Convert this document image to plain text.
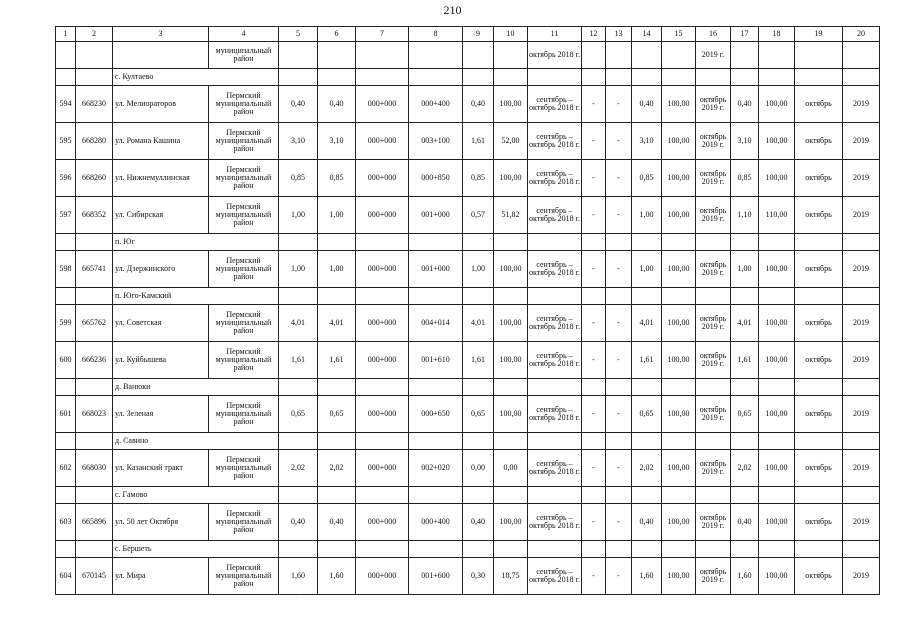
210
1	2	3	4	5	6	7	8	9	10	11	12	13	14	15	16	17	18	19	20
			муниципальный район							октябрь 2018 г.					2019 г.				
		с. Култаево																	
594	668230	ул. Мелиораторов	Пермский муниципальный район	0,40	0,40	000+000	000+400	0,40	100,00	сентябрь – октябрь 2018 г.	-	-	0,40	100,00	октябрь 2019 г.	0,40	100,00	октябрь	2019
595	668280	ул. Романа Кашина	Пермский муниципальный район	3,10	3,10	000+000	003+100	1,61	52,00	сентябрь – октябрь 2018 г.	-	-	3,10	100,00	октябрь 2019 г.	3,10	100,00	октябрь	2019
596	668260	ул. Нижнемуллинская	Пермский муниципальный район	0,85	0,85	000+000	000+850	0,85	100,00	сентябрь – октябрь 2018 г.	-	-	0,85	100,00	октябрь 2019 г.	0,85	100,00	октябрь	2019
597	668352	ул. Сибирская	Пермский муниципальный район	1,00	1,00	000+000	001+000	0,57	51,82	сентябрь – октябрь 2018 г.	-	-	1,00	100,00	октябрь 2019 г.	1,10	110,00	октябрь	2019
		п. Юг																	
598	665741	ул. Дзержинского	Пермский муниципальный район	1,00	1,00	000+000	001+000	1,00	100,00	сентябрь – октябрь 2018 г.	-	-	1,00	100,00	октябрь 2019 г.	1,00	100,00	октябрь	2019
		п. Юго-Камский																	
599	665762	ул. Советская	Пермский муниципальный район	4,01	4,01	000+000	004+014	4,01	100,00	сентябрь – октябрь 2018 г.	-	-	4,01	100,00	октябрь 2019 г.	4,01	100,00	октябрь	2019
600	666236	ул. Куйбышева	Пермский муниципальный район	1,61	1,61	000+000	001+610	1,61	100,00	сентябрь – октябрь 2018 г.	-	-	1,61	100,00	октябрь 2019 г.	1,61	100,00	октябрь	2019
		д. Ванюки																	
601	668023	ул. Зеленая	Пермский муниципальный район	0,65	0,65	000+000	000+650	0,65	100,00	сентябрь – октябрь 2018 г.	-	-	0,65	100,00	октябрь 2019 г.	0,65	100,00	октябрь	2019
		д. Савино																	
602	668030	ул. Казанский тракт	Пермский муниципальный район	2,02	2,02	000+000	002+020	0,00	0,00	сентябрь – октябрь 2018 г.	-	-	2,02	100,00	октябрь 2019 г.	2,02	100,00	октябрь	2019
		с. Гамово																	
603	665896	ул. 50 лет Октября	Пермский муниципальный район	0,40	0,40	000+000	000+400	0,40	100,00	сентябрь – октябрь 2018 г.	-	-	0,40	100,00	октябрь 2019 г.	0,40	100,00	октябрь	2019
		с. Бершеть																	
604	670145	ул. Мира	Пермский муниципальный район	1,60	1,60	000+000	001+600	0,30	18,75	сентябрь – октябрь 2018 г.	-	-	1,60	100,00	октябрь 2019 г.	1,60	100,00	октябрь	2019
·	·	·
